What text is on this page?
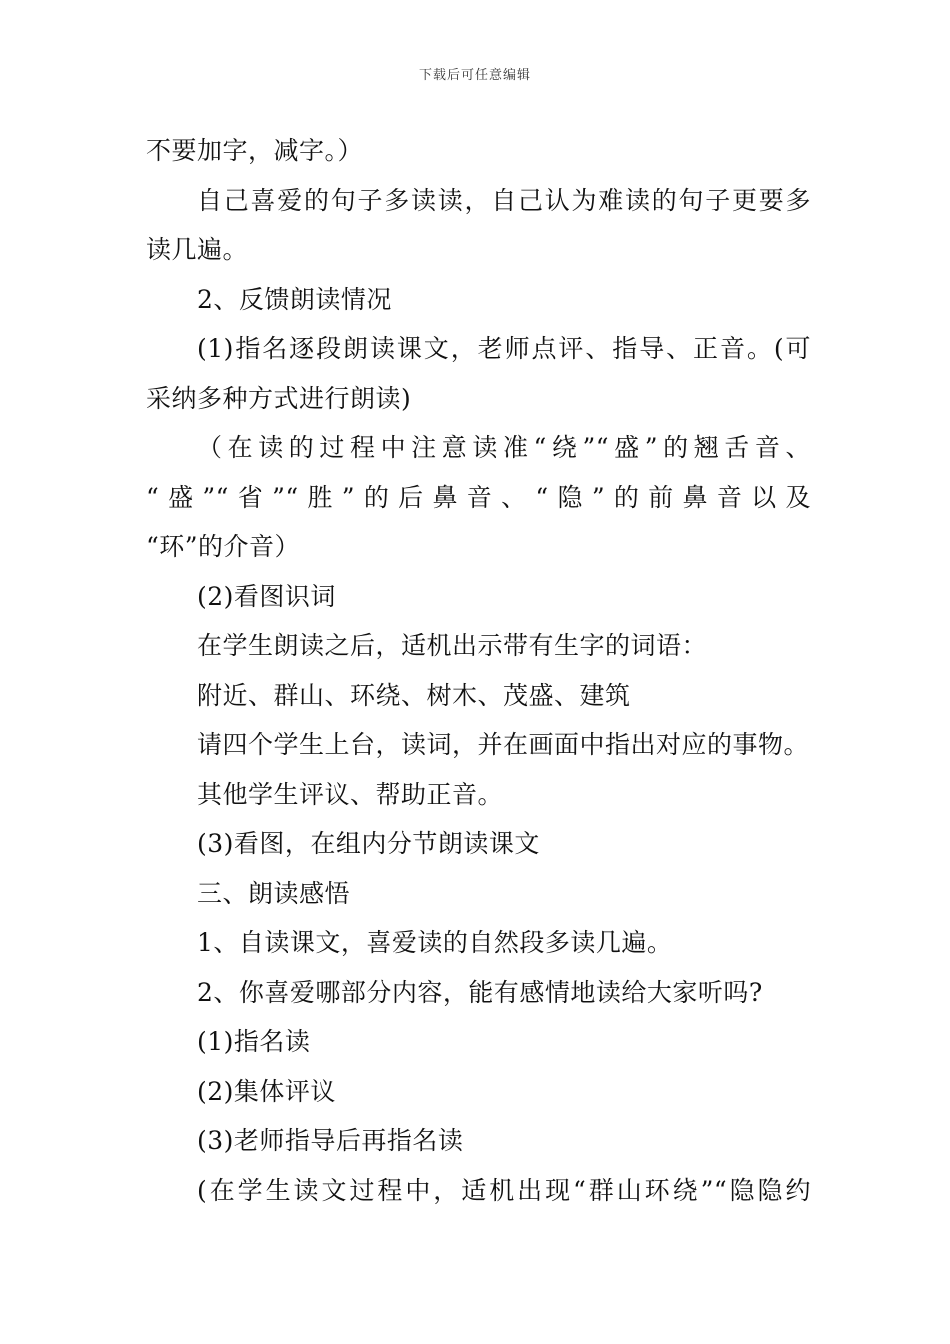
下载后可任意编辑
不要加字，减字。）
自己喜爱的句子多读读，自己认为难读的句子更要多
读几遍。
2、反馈朗读情况
(1)指名逐段朗读课文，老师点评、指导、正音。(可
采纳多种方式进行朗读)
（在读的过程中注意读准“绕”“盛”的翘舌音、
“盛”“省”“胜”的后鼻音、“隐”的前鼻音以及
“环”的介音）
(2)看图识词
在学生朗读之后，适机出示带有生字的词语：
附近、群山、环绕、树木、茂盛、建筑
请四个学生上台，读词，并在画面中指出对应的事物。
其他学生评议、帮助正音。
(3)看图，在组内分节朗读课文
三、朗读感悟
1、自读课文，喜爱读的自然段多读几遍。
2、你喜爱哪部分内容，能有感情地读给大家听吗?
(1)指名读
(2)集体评议
(3)老师指导后再指名读
(在学生读文过程中，适机出现“群山环绕”“隐隐约
